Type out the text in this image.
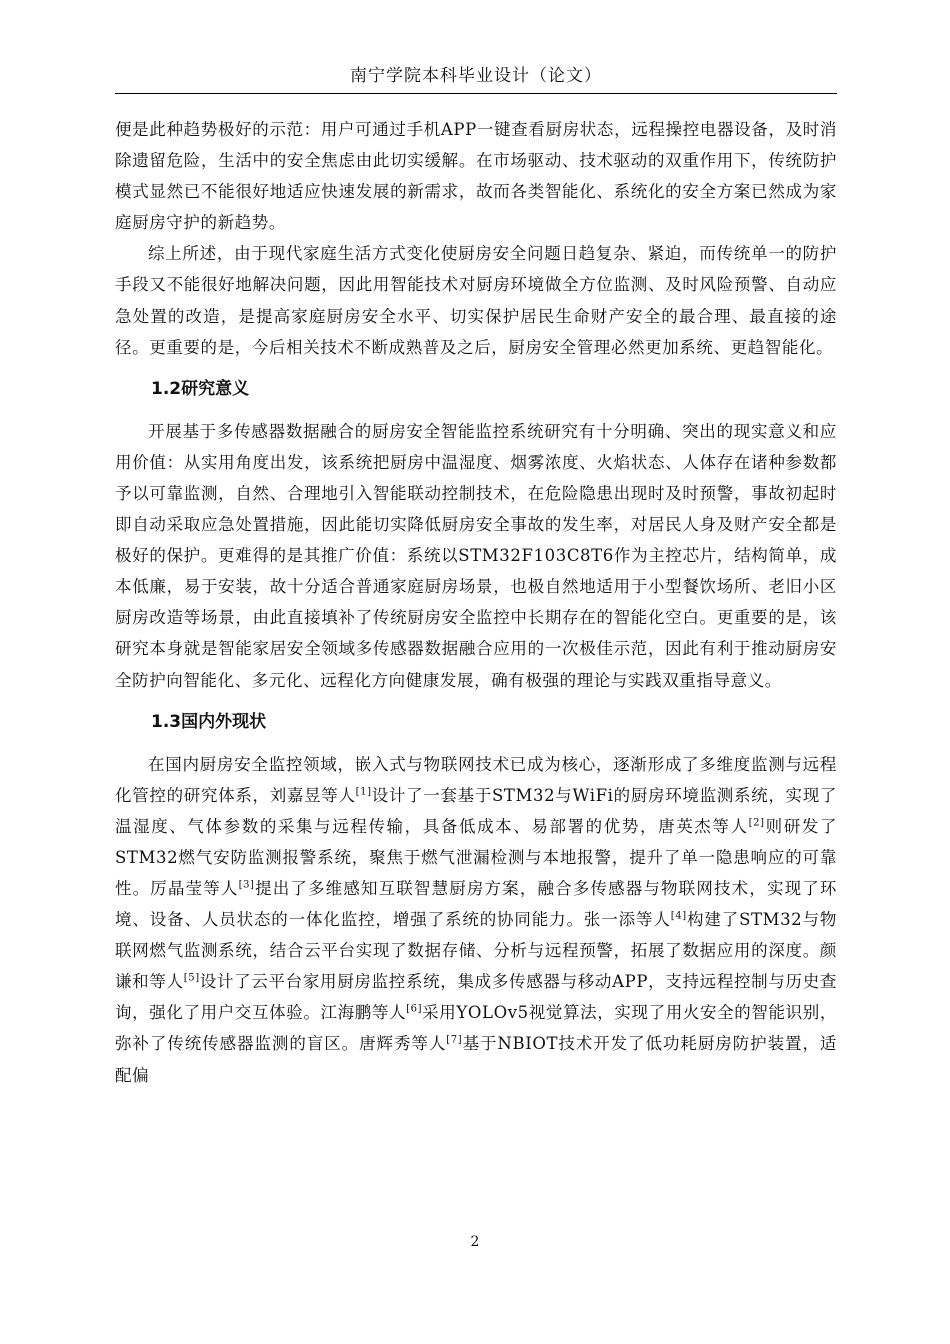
南宁学院本科毕业设计（论文）

便是此种趋势极好的示范：用户可通过手机APP一键查看厨房状态，远程操控电器设备，及时消除遗留危险，生活中的安全焦虑由此切实缓解。在市场驱动、技术驱动的双重作用下，传统防护模式显然已不能很好地适应快速发展的新需求，故而各类智能化、系统化的安全方案已然成为家庭厨房守护的新趋势。

综上所述，由于现代家庭生活方式变化使厨房安全问题日趋复杂、紧迫，而传统单一的防护手段又不能很好地解决问题，因此用智能技术对厨房环境做全方位监测、及时风险预警、自动应急处置的改造，是提高家庭厨房安全水平、切实保护居民生命财产安全的最合理、最直接的途径。更重要的是，今后相关技术不断成熟普及之后，厨房安全管理必然更加系统、更趋智能化。

1.2研究意义

开展基于多传感器数据融合的厨房安全智能监控系统研究有十分明确、突出的现实意义和应用价值：从实用角度出发，该系统把厨房中温湿度、烟雾浓度、火焰状态、人体存在诸种参数都予以可靠监测，自然、合理地引入智能联动控制技术，在危险隐患出现时及时预警，事故初起时即自动采取应急处置措施，因此能切实降低厨房安全事故的发生率，对居民人身及财产安全都是极好的保护。更难得的是其推广价值：系统以STM32F103C8T6作为主控芯片，结构简单，成本低廉，易于安装，故十分适合普通家庭厨房场景，也极自然地适用于小型餐饮场所、老旧小区厨房改造等场景，由此直接填补了传统厨房安全监控中长期存在的智能化空白。更重要的是，该研究本身就是智能家居安全领域多传感器数据融合应用的一次极佳示范，因此有利于推动厨房安全防护向智能化、多元化、远程化方向健康发展，确有极强的理论与实践双重指导意义。

1.3国内外现状

在国内厨房安全监控领域，嵌入式与物联网技术已成为核心，逐渐形成了多维度监测与远程化管控的研究体系，刘嘉昱等人[1]设计了一套基于STM32与WiFi的厨房环境监测系统，实现了温湿度、气体参数的采集与远程传输，具备低成本、易部署的优势，唐英杰等人[2]则研发了STM32燃气安防监测报警系统，聚焦于燃气泄漏检测与本地报警，提升了单一隐患响应的可靠性。厉晶莹等人[3]提出了多维感知互联智慧厨房方案，融合多传感器与物联网技术，实现了环境、设备、人员状态的一体化监控，增强了系统的协同能力。张一添等人[4]构建了STM32与物联网燃气监测系统，结合云平台实现了数据存储、分析与远程预警，拓展了数据应用的深度。颜谦和等人[5]设计了云平台家用厨房监控系统，集成多传感器与移动APP，支持远程控制与历史查询，强化了用户交互体验。江海鹏等人[6]采用YOLOv5视觉算法，实现了用火安全的智能识别，弥补了传统传感器监测的盲区。唐辉秀等人[7]基于NBIOT技术开发了低功耗厨房防护装置，适配偏

2
